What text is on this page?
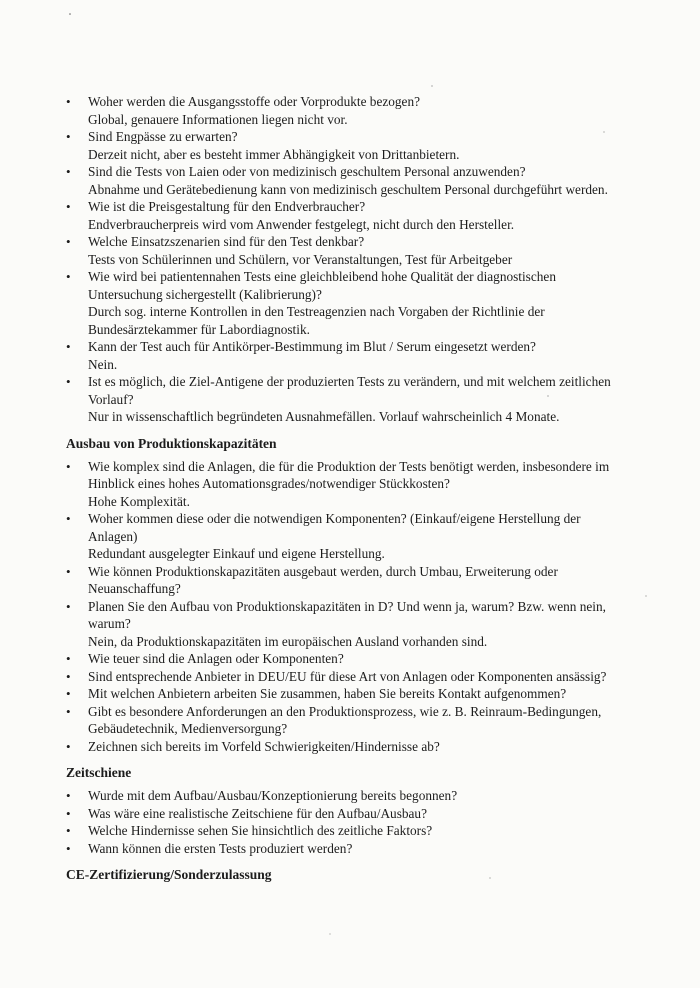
•	Woher werden die Ausgangsstoffe oder Vorprodukte bezogen?
Global, genauere Informationen liegen nicht vor.
•	Sind Engpässe zu erwarten?
Derzeit nicht, aber es besteht immer Abhängigkeit von Drittanbietern.
•	Sind die Tests von Laien oder von medizinisch geschultem Personal anzuwenden?
Abnahme und Gerätebedienung kann von medizinisch geschultem Personal durchgeführt werden.
•	Wie ist die Preisgestaltung für den Endverbraucher?
Endverbraucherpreis wird vom Anwender festgelegt, nicht durch den Hersteller.
•	Welche Einsatzszenarien sind für den Test denkbar?
Tests von Schülerinnen und Schülern, vor Veranstaltungen, Test für Arbeitgeber
•	Wie wird bei patientennahen Tests eine gleichbleibend hohe Qualität der diagnostischen Untersuchung sichergestellt (Kalibrierung)?
Durch sog. interne Kontrollen in den Testreagenzien nach Vorgaben der Richtlinie der Bundesärztekammer für Labordiagnostik.
•	Kann der Test auch für Antikörper-Bestimmung im Blut / Serum eingesetzt werden?
Nein.
•	Ist es möglich, die Ziel-Antigene der produzierten Tests zu verändern, und mit welchem zeitlichen Vorlauf?
Nur in wissenschaftlich begründeten Ausnahmefällen. Vorlauf wahrscheinlich 4 Monate.
Ausbau von Produktionskapazitäten
•	Wie komplex sind die Anlagen, die für die Produktion der Tests benötigt werden, insbesondere im Hinblick eines hohes Automationsgrades/notwendiger Stückkosten?
Hohe Komplexität.
•	Woher kommen diese oder die notwendigen Komponenten? (Einkauf/eigene Herstellung der Anlagen)
Redundant ausgelegter Einkauf und eigene Herstellung.
•	Wie können Produktionskapazitäten ausgebaut werden, durch Umbau, Erweiterung oder Neuanschaffung?
•	Planen Sie den Aufbau von Produktionskapazitäten in D? Und wenn ja, warum? Bzw. wenn nein, warum?
Nein, da Produktionskapazitäten im europäischen Ausland vorhanden sind.
•	Wie teuer sind die Anlagen oder Komponenten?
•	Sind entsprechende Anbieter in DEU/EU für diese Art von Anlagen oder Komponenten ansässig?
•	Mit welchen Anbietern arbeiten Sie zusammen, haben Sie bereits Kontakt aufgenommen?
•	Gibt es besondere Anforderungen an den Produktionsprozess, wie z. B. Reinraum-Bedingungen, Gebäudetechnik, Medienversorgung?
•	Zeichnen sich bereits im Vorfeld Schwierigkeiten/Hindernisse ab?
Zeitschiene
•	Wurde mit dem Aufbau/Ausbau/Konzeptionierung bereits begonnen?
•	Was wäre eine realistische Zeitschiene für den Aufbau/Ausbau?
•	Welche Hindernisse sehen Sie hinsichtlich des zeitliche Faktors?
•	Wann können die ersten Tests produziert werden?
CE-Zertifizierung/Sonderzulassung
